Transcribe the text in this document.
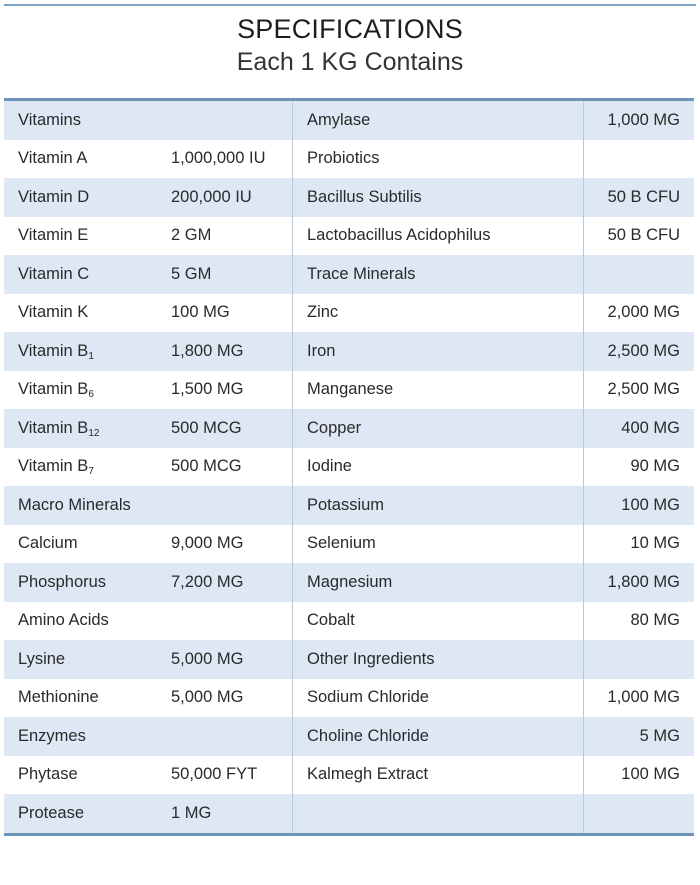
SPECIFICATIONS
Each 1 KG Contains
Vitamins		Amylase	1,000 MG
Vitamin A	1,000,000 IU	Probiotics	
Vitamin D	200,000 IU	Bacillus Subtilis	50 B CFU
Vitamin E	2 GM	Lactobacillus Acidophilus	50 B CFU
Vitamin C	5 GM	Trace Minerals	
Vitamin K	100 MG	Zinc	2,000 MG
Vitamin $B_1$	1,800 MG	Iron	2,500 MG
Vitamin $B_6$	1,500 MG	Manganese	2,500 MG
Vitamin $B_{12}$	500 MCG	Copper	400 MG
Vitamin $B_7$	500 MCG	Iodine	90 MG
Macro Minerals		Potassium	100 MG
Calcium	9,000 MG	Selenium	10 MG
Phosphorus	7,200 MG	Magnesium	1,800 MG
Amino Acids		Cobalt	80 MG
Lysine	5,000 MG	Other Ingredients	
Methionine	5,000 MG	Sodium Chloride	1,000 MG
Enzymes		Choline Chloride	5 MG
Phytase	50,000 FYT	Kalmegh Extract	100 MG
Protease	1 MG		
